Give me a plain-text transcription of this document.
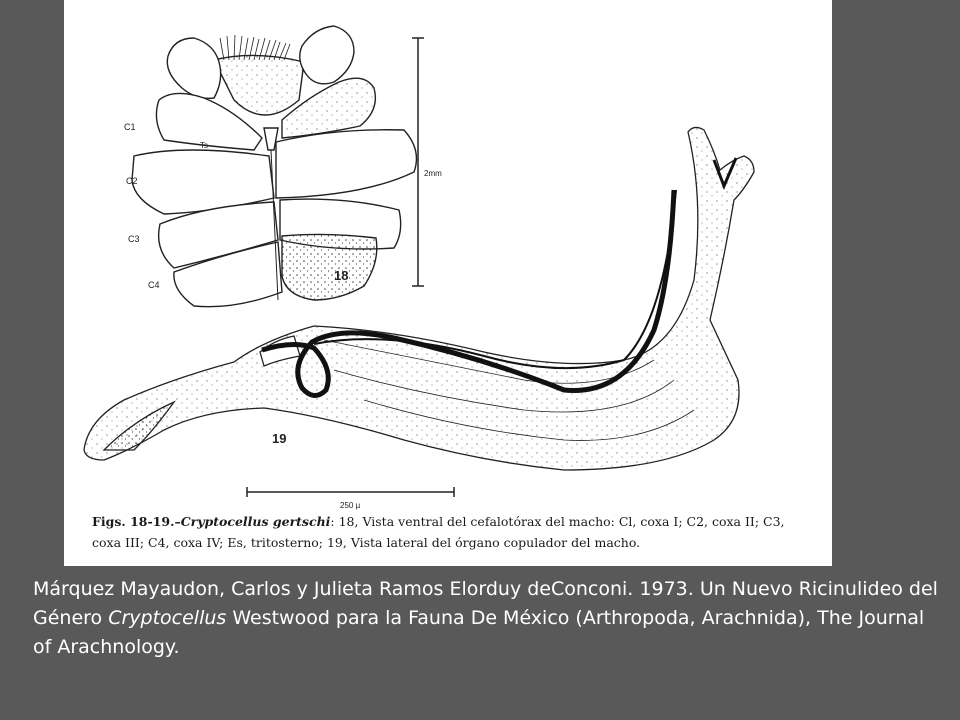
C1
C2
C3
C4
Ts
18
2mm
19
250 µ

Figs. 18-19.–Cryptocellus gertschi: 18, Vista ventral del cefalotórax del macho: Cl, coxa I; C2, coxa II; C3, coxa III; C4, coxa IV; Es, tritosterno; 19, Vista lateral del órgano copulador del macho.

Márquez Mayaudon, Carlos y Julieta Ramos Elorduy deConconi. 1973. Un Nuevo Ricinulideo del Género Cryptocellus Westwood para la Fauna De México (Arthropoda, Arachnida), The Journal of Arachnology.
